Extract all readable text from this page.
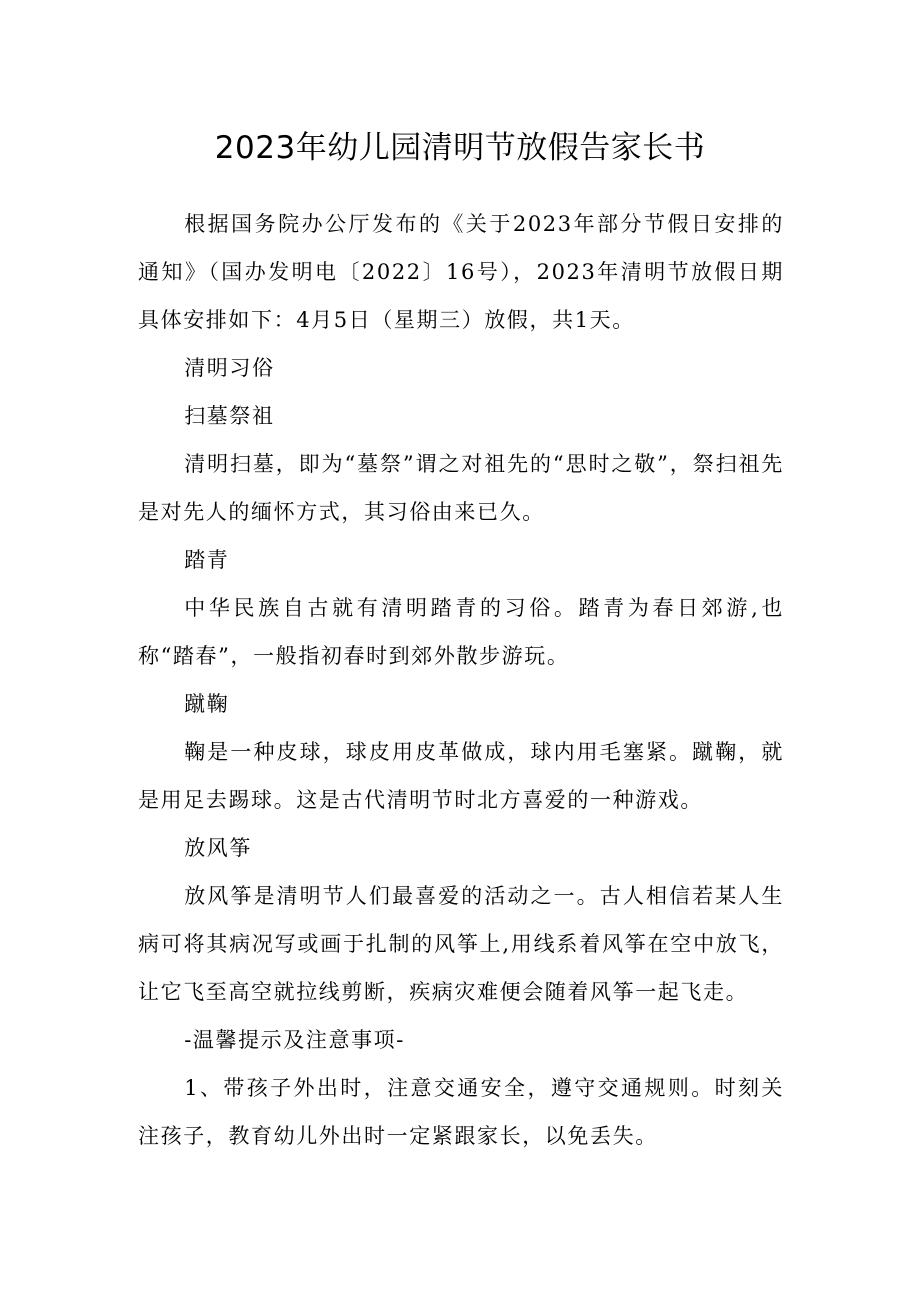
2023年幼儿园清明节放假告家长书

根据国务院办公厅发布的《关于2023年部分节假日安排的通知》（国办发明电〔2022〕16号），2023年清明节放假日期具体安排如下：4月5日（星期三）放假，共1天。

清明习俗

扫墓祭祖

清明扫墓，即为“墓祭”谓之对祖先的“思时之敬”，祭扫祖先是对先人的缅怀方式，其习俗由来已久。

踏青

中华民族自古就有清明踏青的习俗。踏青为春日郊游,也称“踏春”，一般指初春时到郊外散步游玩。

蹴鞠

鞠是一种皮球，球皮用皮革做成，球内用毛塞紧。蹴鞠，就是用足去踢球。这是古代清明节时北方喜爱的一种游戏。

放风筝

放风筝是清明节人们最喜爱的活动之一。古人相信若某人生病可将其病况写或画于扎制的风筝上,用线系着风筝在空中放飞，让它飞至高空就拉线剪断，疾病灾难便会随着风筝一起飞走。

-温馨提示及注意事项-

1、带孩子外出时，注意交通安全，遵守交通规则。时刻关注孩子，教育幼儿外出时一定紧跟家长，以免丢失。
